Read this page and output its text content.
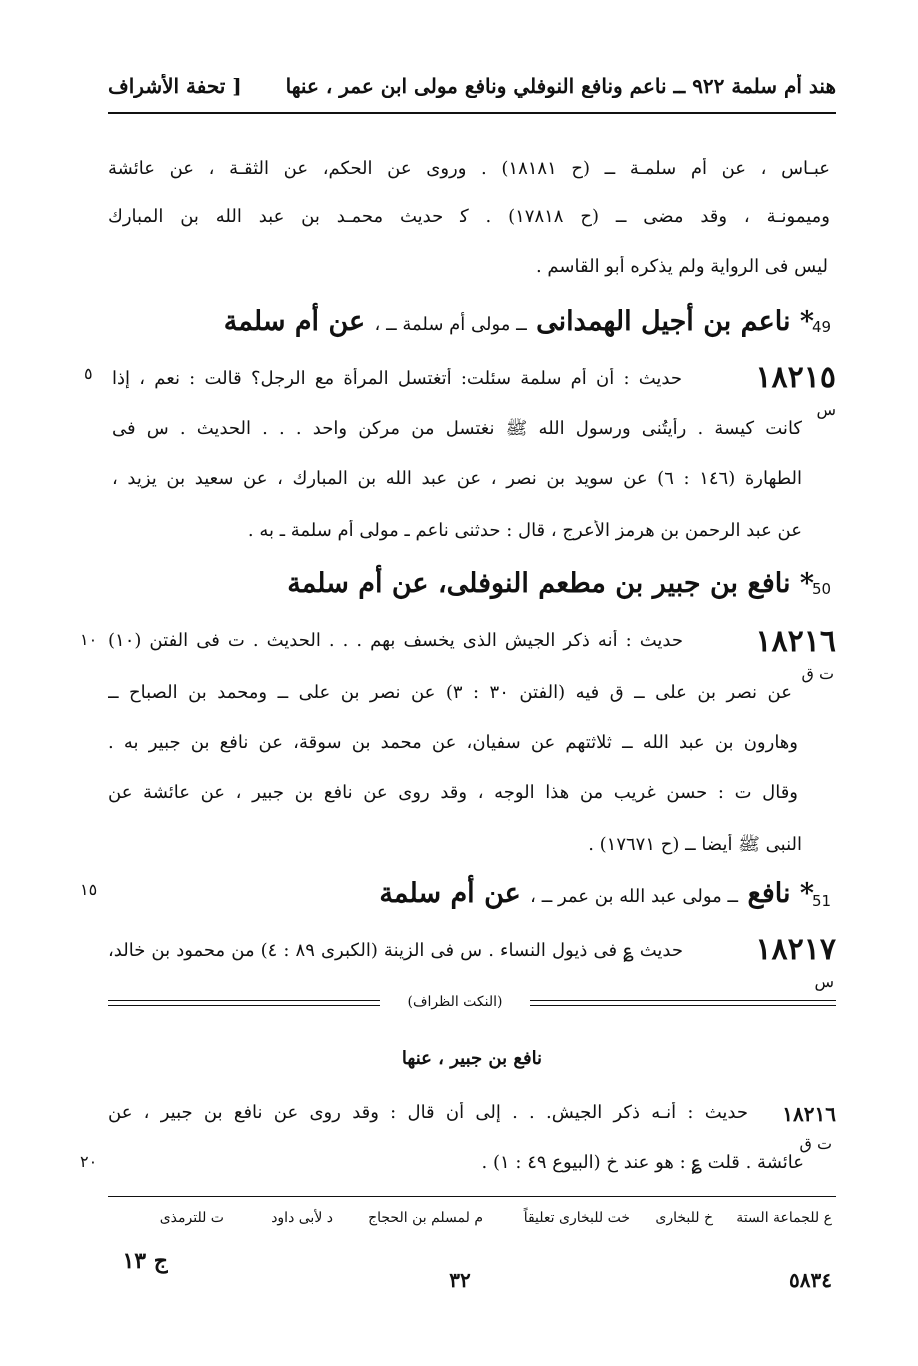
[ تحفة الأشراف هند أم سلمة ٩٢٢ ــ ناعم ونافع النوفلي ونافع مولى ابن عمر ، عنها
عبـاس ، عن أم سلمـة ــ (ح ١٨١٨١) . وروى عن الحكم، عن الثقـة ، عن عائشة
وميمونـة ، وقد مضى ــ (ح ١٧٨١٨) . ﮐ حديث محمـد بن عبد الله بن المبارك
ليس فى الرواية ولم يذكره أبو القاسم .
49
* ناعم بن أجيل الهمدانى ــ مولى أم سلمة ــ ، عن أم سلمة
٥	١٨٢١٥
س
حديث : أن أم سلمة سئلت: أتغتسل المرأة مع الرجل؟ قالت : نعم ، إذا
كانت كيسة . رأيتُنى ورسول الله ﷺ نغتسل من مركن واحد . . . الحديث . س فى
الطهارة (١٤٦ : ٦) عن سويد بن نصر ، عن عبد الله بن المبارك ، عن سعيد بن يزيد ،
عن عبد الرحمن بن هرمز الأعرج ، قال : حدثنى ناعم ـ مولى أم سلمة ـ به .
50
* نافع بن جبير بن مطعم النوفلى، عن أم سلمة
١٠	١٨٢١٦
ت ق
حديث : أنه ذكر الجيش الذى يخسف بهم . . . الحديث . ت فى الفتن (١٠)
عن نصر بن على ــ ق فيه (الفتن ٣٠ : ٣) عن نصر بن على ــ ومحمد بن الصباح ــ
وهارون بن عبد الله ــ ثلاثتهم عن سفيان، عن محمد بن سوقة، عن نافع بن جبير به .
وقال ت : حسن غريب من هذا الوجه ، وقد روى عن نافع بن جبير ، عن عائشة عن
النبى ﷺ أيضا ــ (ح ١٧٦٧١) .
١٥
51
* نافع ــ مولى عبد الله بن عمر ــ ، عن أم سلمة
١٨٢١٧
س
حديث ؏ فى ذيول النساء . س فى الزينة (الكبرى ٨٩ : ٤) من محمود بن خالد،
(النكت الظراف)
نافع بن جبير ، عنها
١٨٢١٦
ت ق
حديث : أنـه ذكر الجيش. . . إلى أن قال : وقد روى عن نافع بن جبير ، عن
٢٠	عائشة . قلت ؏ : هو عند خ (البيوع ٤٩ : ١) .
ع للجماعة الستة
خ للبخارى
خت للبخارى تعليقاً
م لمسلم بن الحجاج
د لأبى داود
ت للترمذى
ج ١٣
٣٢	٥٨٣٤
